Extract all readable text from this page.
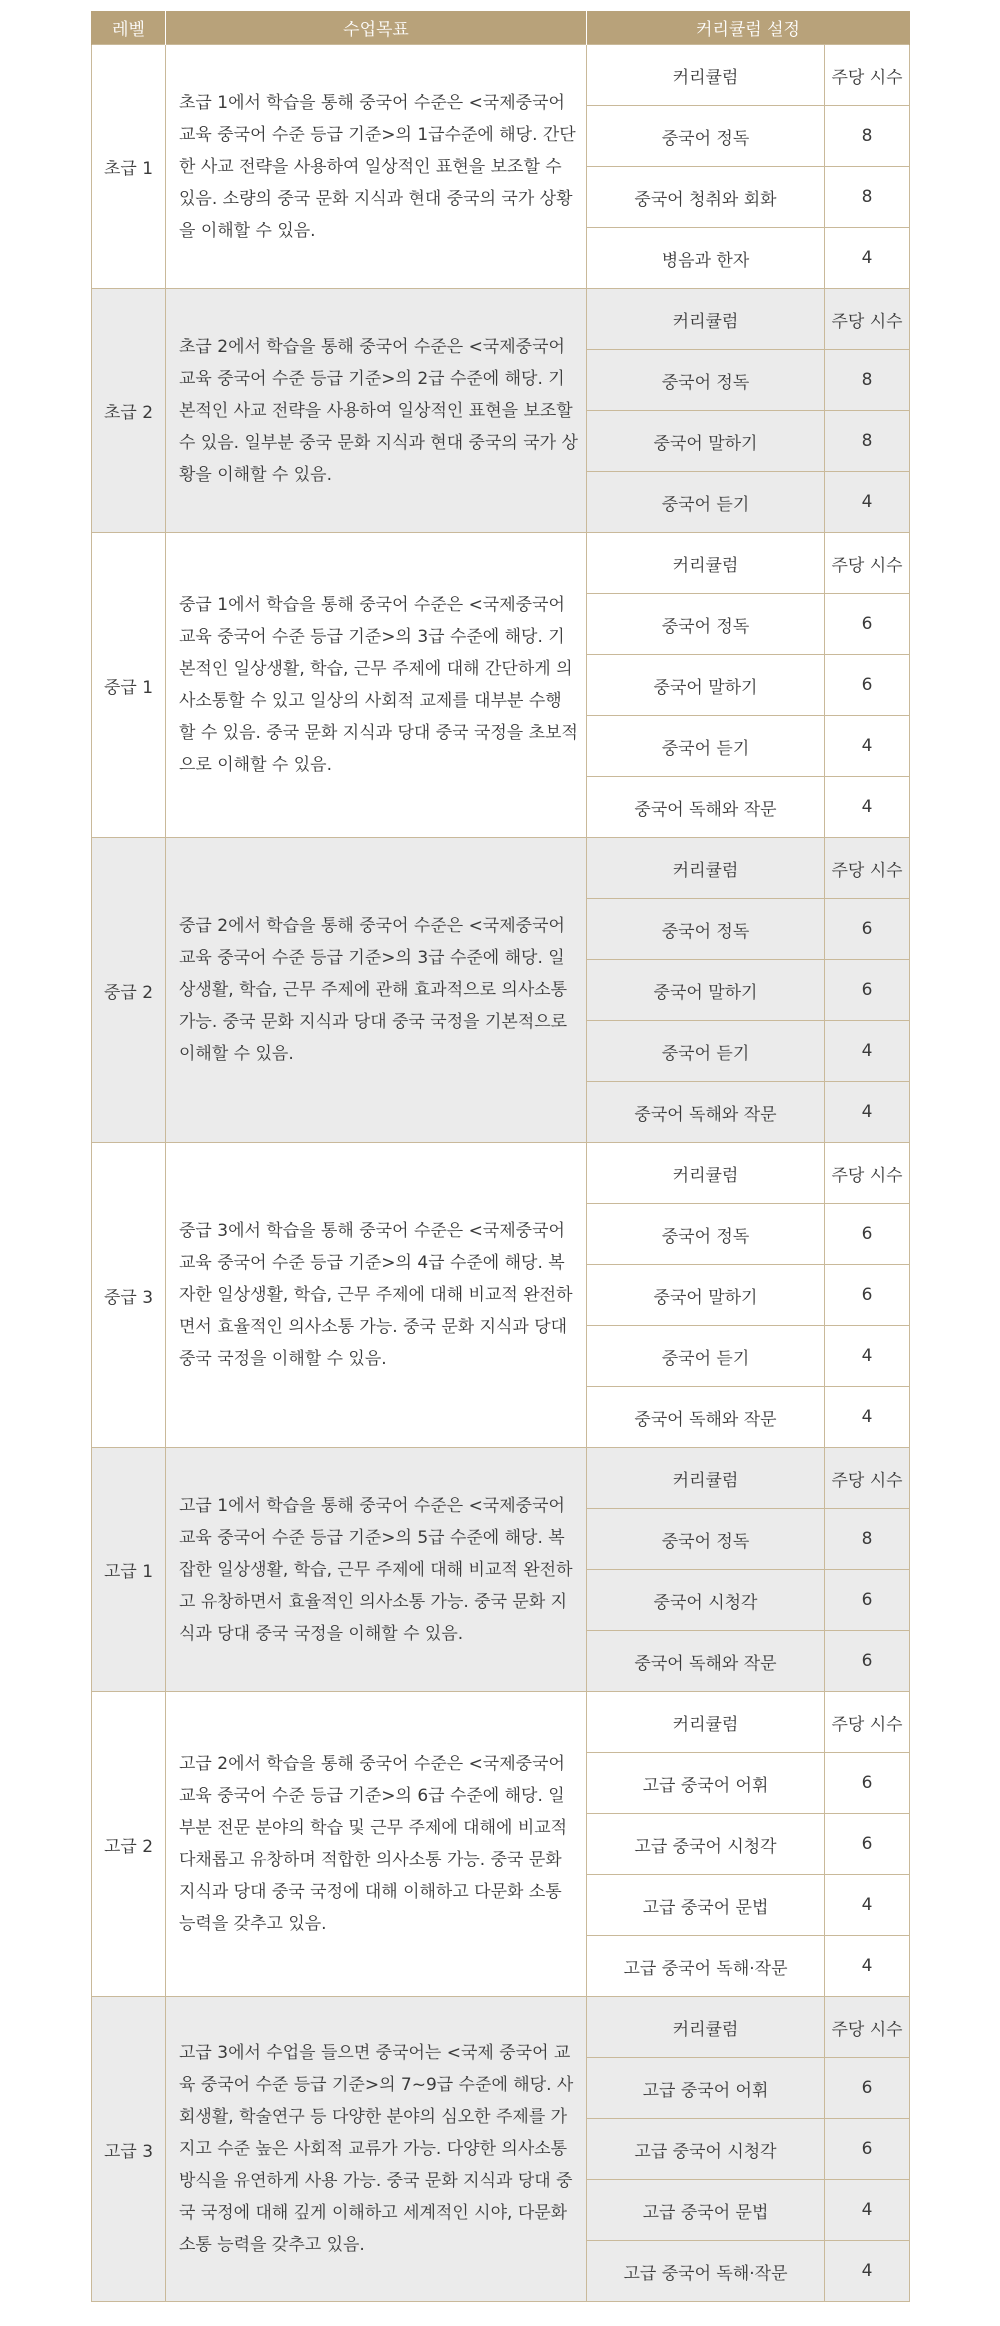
레벨	수업목표	커리큘럼 설정	
초급 1	초급 1에서 학습을 통해 중국어 수준은 <국제중국어교육 중국어 수준 등급 기준>의 1급수준에 해당. 간단한 사교 전략을 사용하여 일상적인 표현을 보조할 수 있음. 소량의 중국 문화 지식과 현대 중국의 국가 상황을 이해할 수 있음.	커리큘럼	주당 시수
		중국어 정독	8
		중국어 청취와 회화	8
		병음과 한자	4
초급 2	초급 2에서 학습을 통해 중국어 수준은 <국제중국어교육 중국어 수준 등급 기준>의 2급 수준에 해당. 기본적인 사교 전략을 사용하여 일상적인 표현을 보조할 수 있음. 일부분 중국 문화 지식과 현대 중국의 국가 상황을 이해할 수 있음.	커리큘럼	주당 시수
		중국어 정독	8
		중국어 말하기	8
		중국어 듣기	4
중급 1	중급 1에서 학습을 통해 중국어 수준은 <국제중국어교육 중국어 수준 등급 기준>의 3급 수준에 해당. 기본적인 일상생활, 학습, 근무 주제에 대해 간단하게 의사소통할 수 있고 일상의 사회적 교제를 대부분 수행할 수 있음. 중국 문화 지식과 당대 중국 국정을 초보적으로 이해할 수 있음.	커리큘럼	주당 시수
		중국어 정독	6
		중국어 말하기	6
		중국어 듣기	4
		중국어 독해와 작문	4
중급 2	중급 2에서 학습을 통해 중국어 수준은 <국제중국어교육 중국어 수준 등급 기준>의 3급 수준에 해당. 일상생활, 학습, 근무 주제에 관해 효과적으로 의사소통 가능. 중국 문화 지식과 당대 중국 국정을 기본적으로 이해할 수 있음.	커리큘럼	주당 시수
		중국어 정독	6
		중국어 말하기	6
		중국어 듣기	4
		중국어 독해와 작문	4
중급 3	중급 3에서 학습을 통해 중국어 수준은 <국제중국어교육 중국어 수준 등급 기준>의 4급 수준에 해당. 복자한 일상생활, 학습, 근무 주제에 대해 비교적 완전하면서 효율적인 의사소통 가능. 중국 문화 지식과 당대 중국 국정을 이해할 수 있음.	커리큘럼	주당 시수
		중국어 정독	6
		중국어 말하기	6
		중국어 듣기	4
		중국어 독해와 작문	4
고급 1	고급 1에서 학습을 통해 중국어 수준은 <국제중국어교육 중국어 수준 등급 기준>의 5급 수준에 해당. 복잡한 일상생활, 학습, 근무 주제에 대해 비교적 완전하고 유창하면서 효율적인 의사소통 가능. 중국 문화 지식과 당대 중국 국정을 이해할 수 있음.	커리큘럼	주당 시수
		중국어 정독	8
		중국어 시청각	6
		중국어 독해와 작문	6
고급 2	고급 2에서 학습을 통해 중국어 수준은 <국제중국어교육 중국어 수준 등급 기준>의 6급 수준에 해당. 일부분 전문 분야의 학습 및 근무 주제에 대해에 비교적 다채롭고 유창하며 적합한 의사소통 가능. 중국 문화 지식과 당대 중국 국정에 대해 이해하고 다문화 소통 능력을 갖추고 있음.	커리큘럼	주당 시수
		고급 중국어 어휘	6
		고급 중국어 시청각	6
		고급 중국어 문법	4
		고급 중국어 독해·작문	4
고급 3	고급 3에서 수업을 들으면 중국어는 <국제 중국어 교육 중국어 수준 등급 기준>의 7~9급 수준에 해당. 사회생활, 학술연구 등 다양한 분야의 심오한 주제를 가지고 수준 높은 사회적 교류가 가능. 다양한 의사소통 방식을 유연하게 사용 가능. 중국 문화 지식과 당대 중국 국정에 대해 깊게 이해하고 세계적인 시야, 다문화 소통 능력을 갖추고 있음.	커리큘럼	주당 시수
		고급 중국어 어휘	6
		고급 중국어 시청각	6
		고급 중국어 문법	4
		고급 중국어 독해·작문	4
